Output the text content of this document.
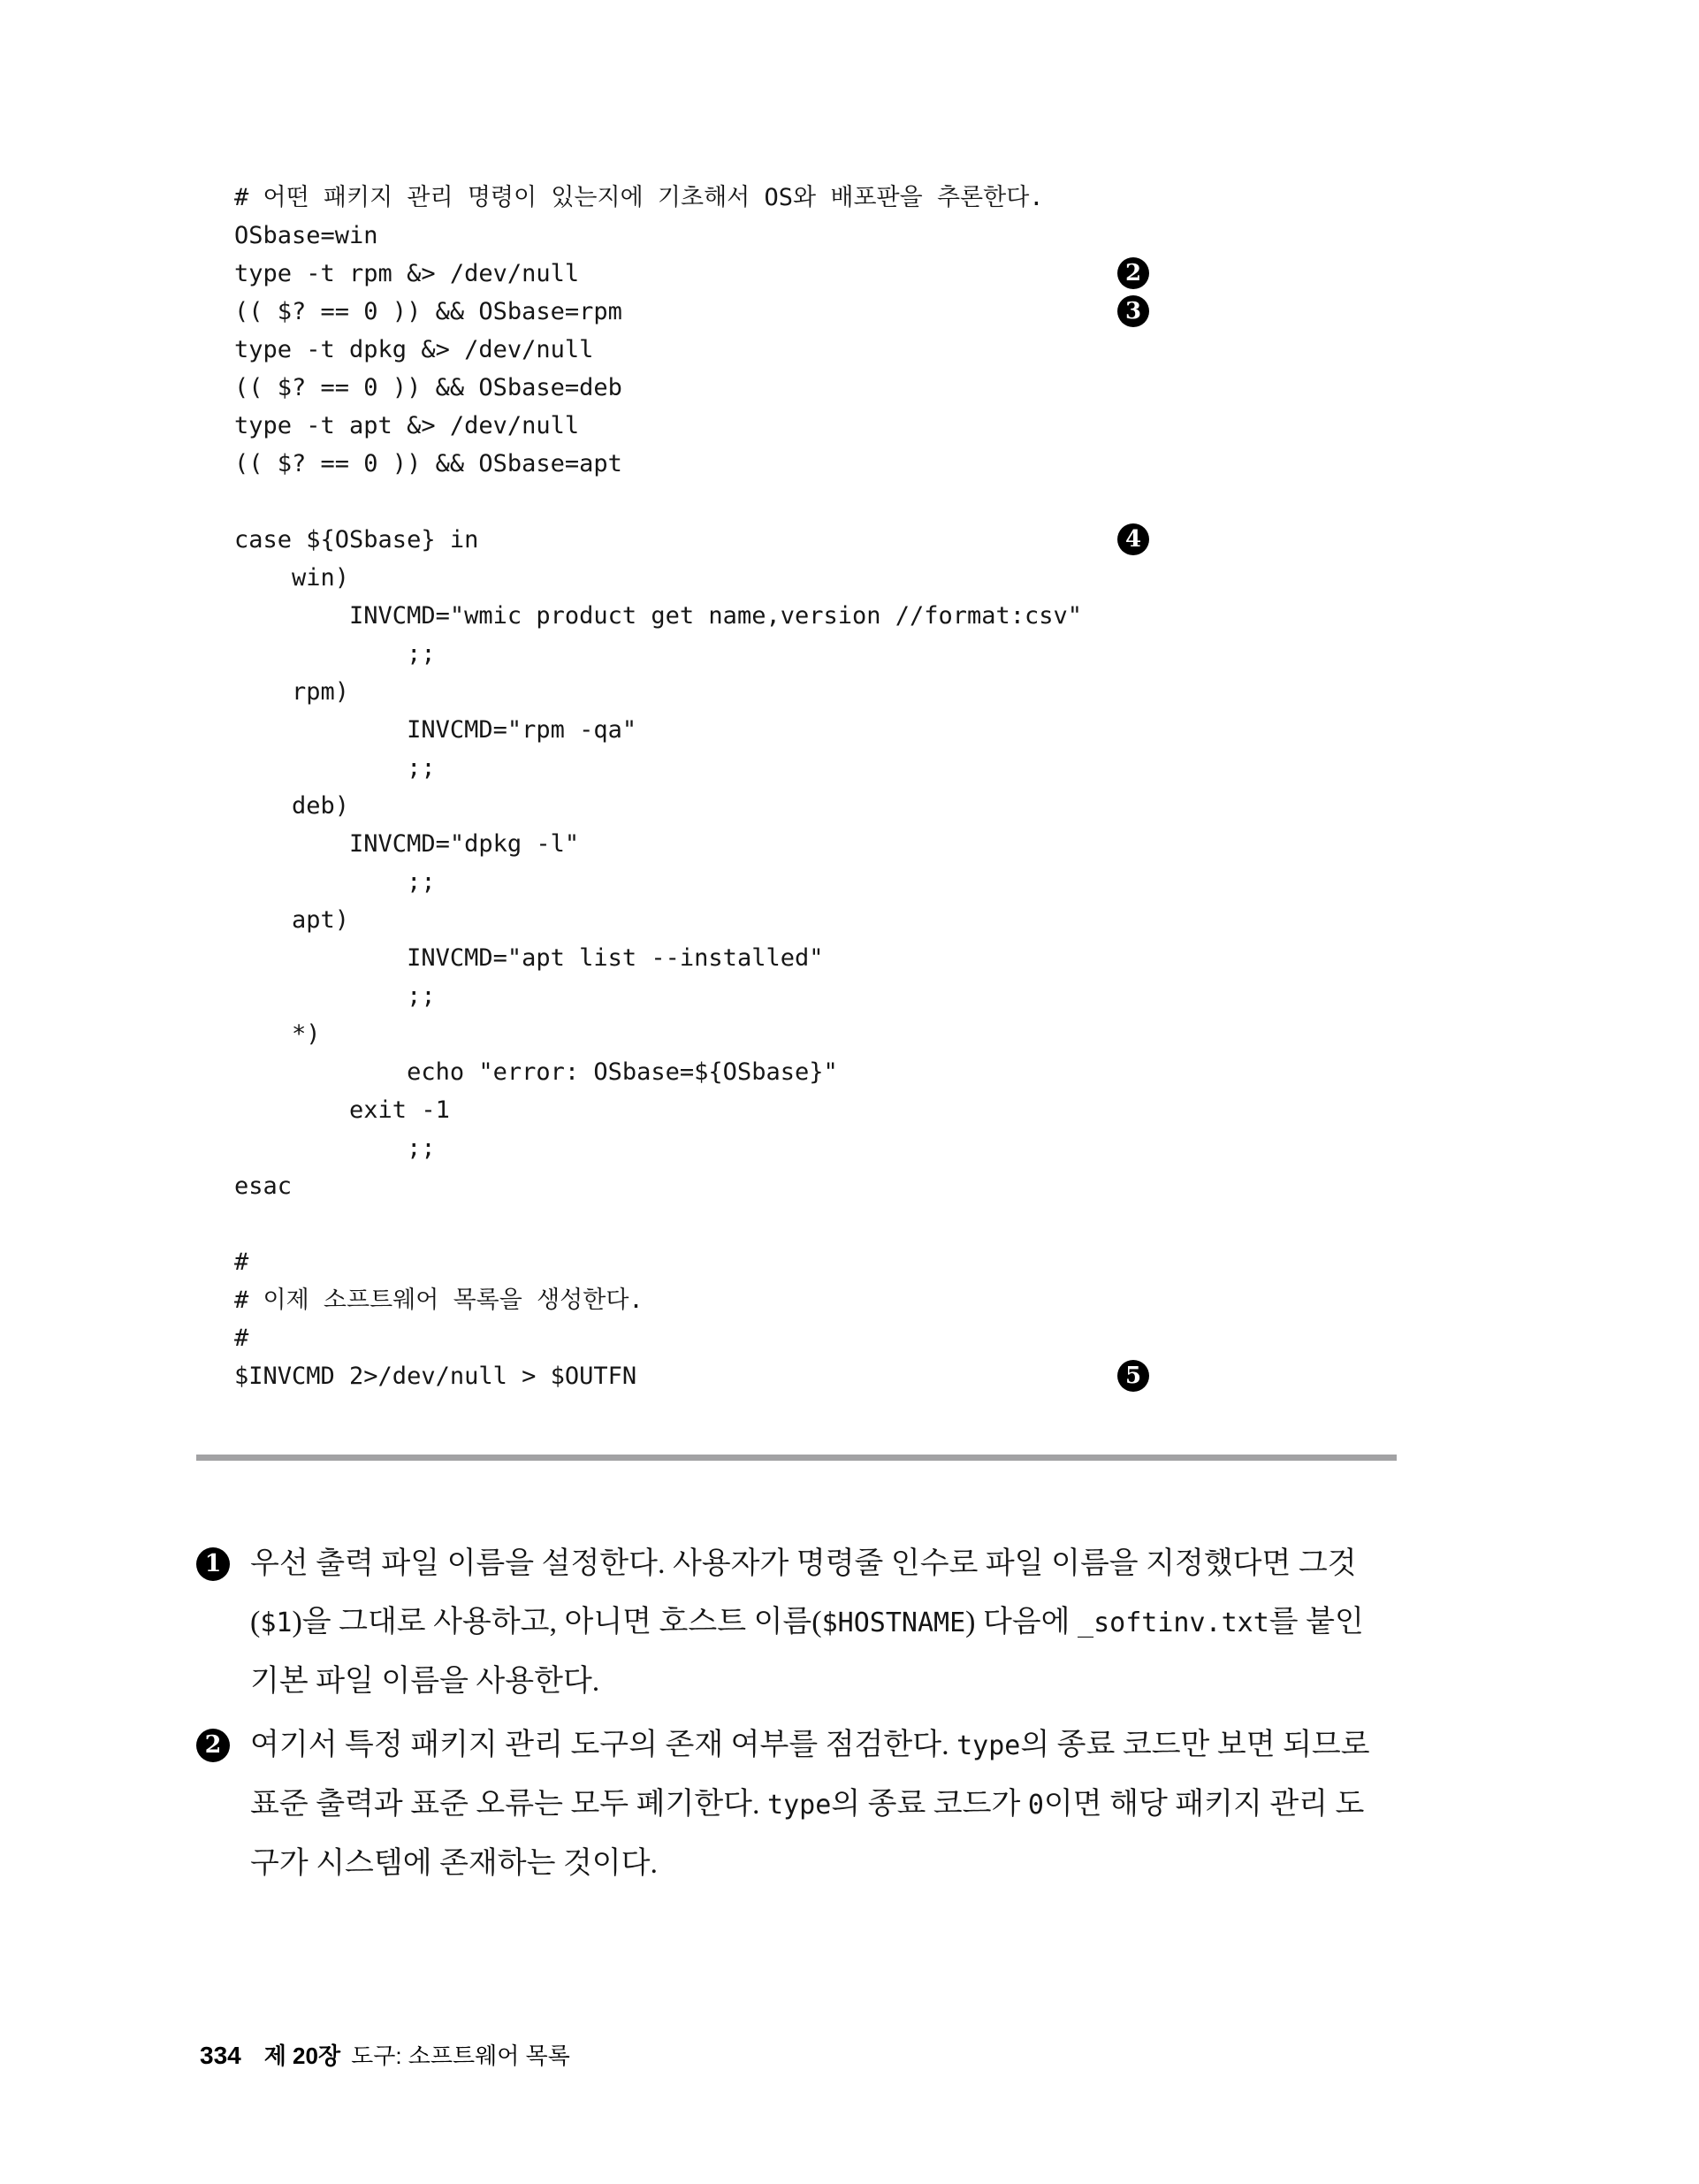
# 어떤 패키지 관리 명령이 있는지에 기초해서 OS와 배포판을 추론한다.
OSbase=win
type -t rpm &> /dev/null	2
(( $? == 0 )) && OSbase=rpm	3
type -t dpkg &> /dev/null
(( $? == 0 )) && OSbase=deb
type -t apt &> /dev/null
(( $? == 0 )) && OSbase=apt
case ${OSbase} in	4
win)
INVCMD="wmic product get name,version //format:csv"
;;
rpm)
INVCMD="rpm -qa"
;;
deb)
INVCMD="dpkg -l"
;;
apt)
INVCMD="apt list --installed"
;;
*)
echo "error: OSbase=${OSbase}"
exit -1
;;
esac
#
# 이제 소프트웨어 목록을 생성한다.
#
$INVCMD 2>/dev/null > $OUTFN	5
1 우선 출력 파일 이름을 설정한다. 사용자가 명령줄 인수로 파일 이름을 지정했다면 그것
($1)을 그대로 사용하고, 아니면 호스트 이름($HOSTNAME) 다음에 _softinv.txt를 붙인
기본 파일 이름을 사용한다.
2 여기서 특정 패키지 관리 도구의 존재 여부를 점검한다. type의 종료 코드만 보면 되므로
표준 출력과 표준 오류는 모두 폐기한다. type의 종료 코드가 0이면 해당 패키지 관리 도
구가 시스템에 존재하는 것이다.
334 제 20장 도구: 소프트웨어 목록
